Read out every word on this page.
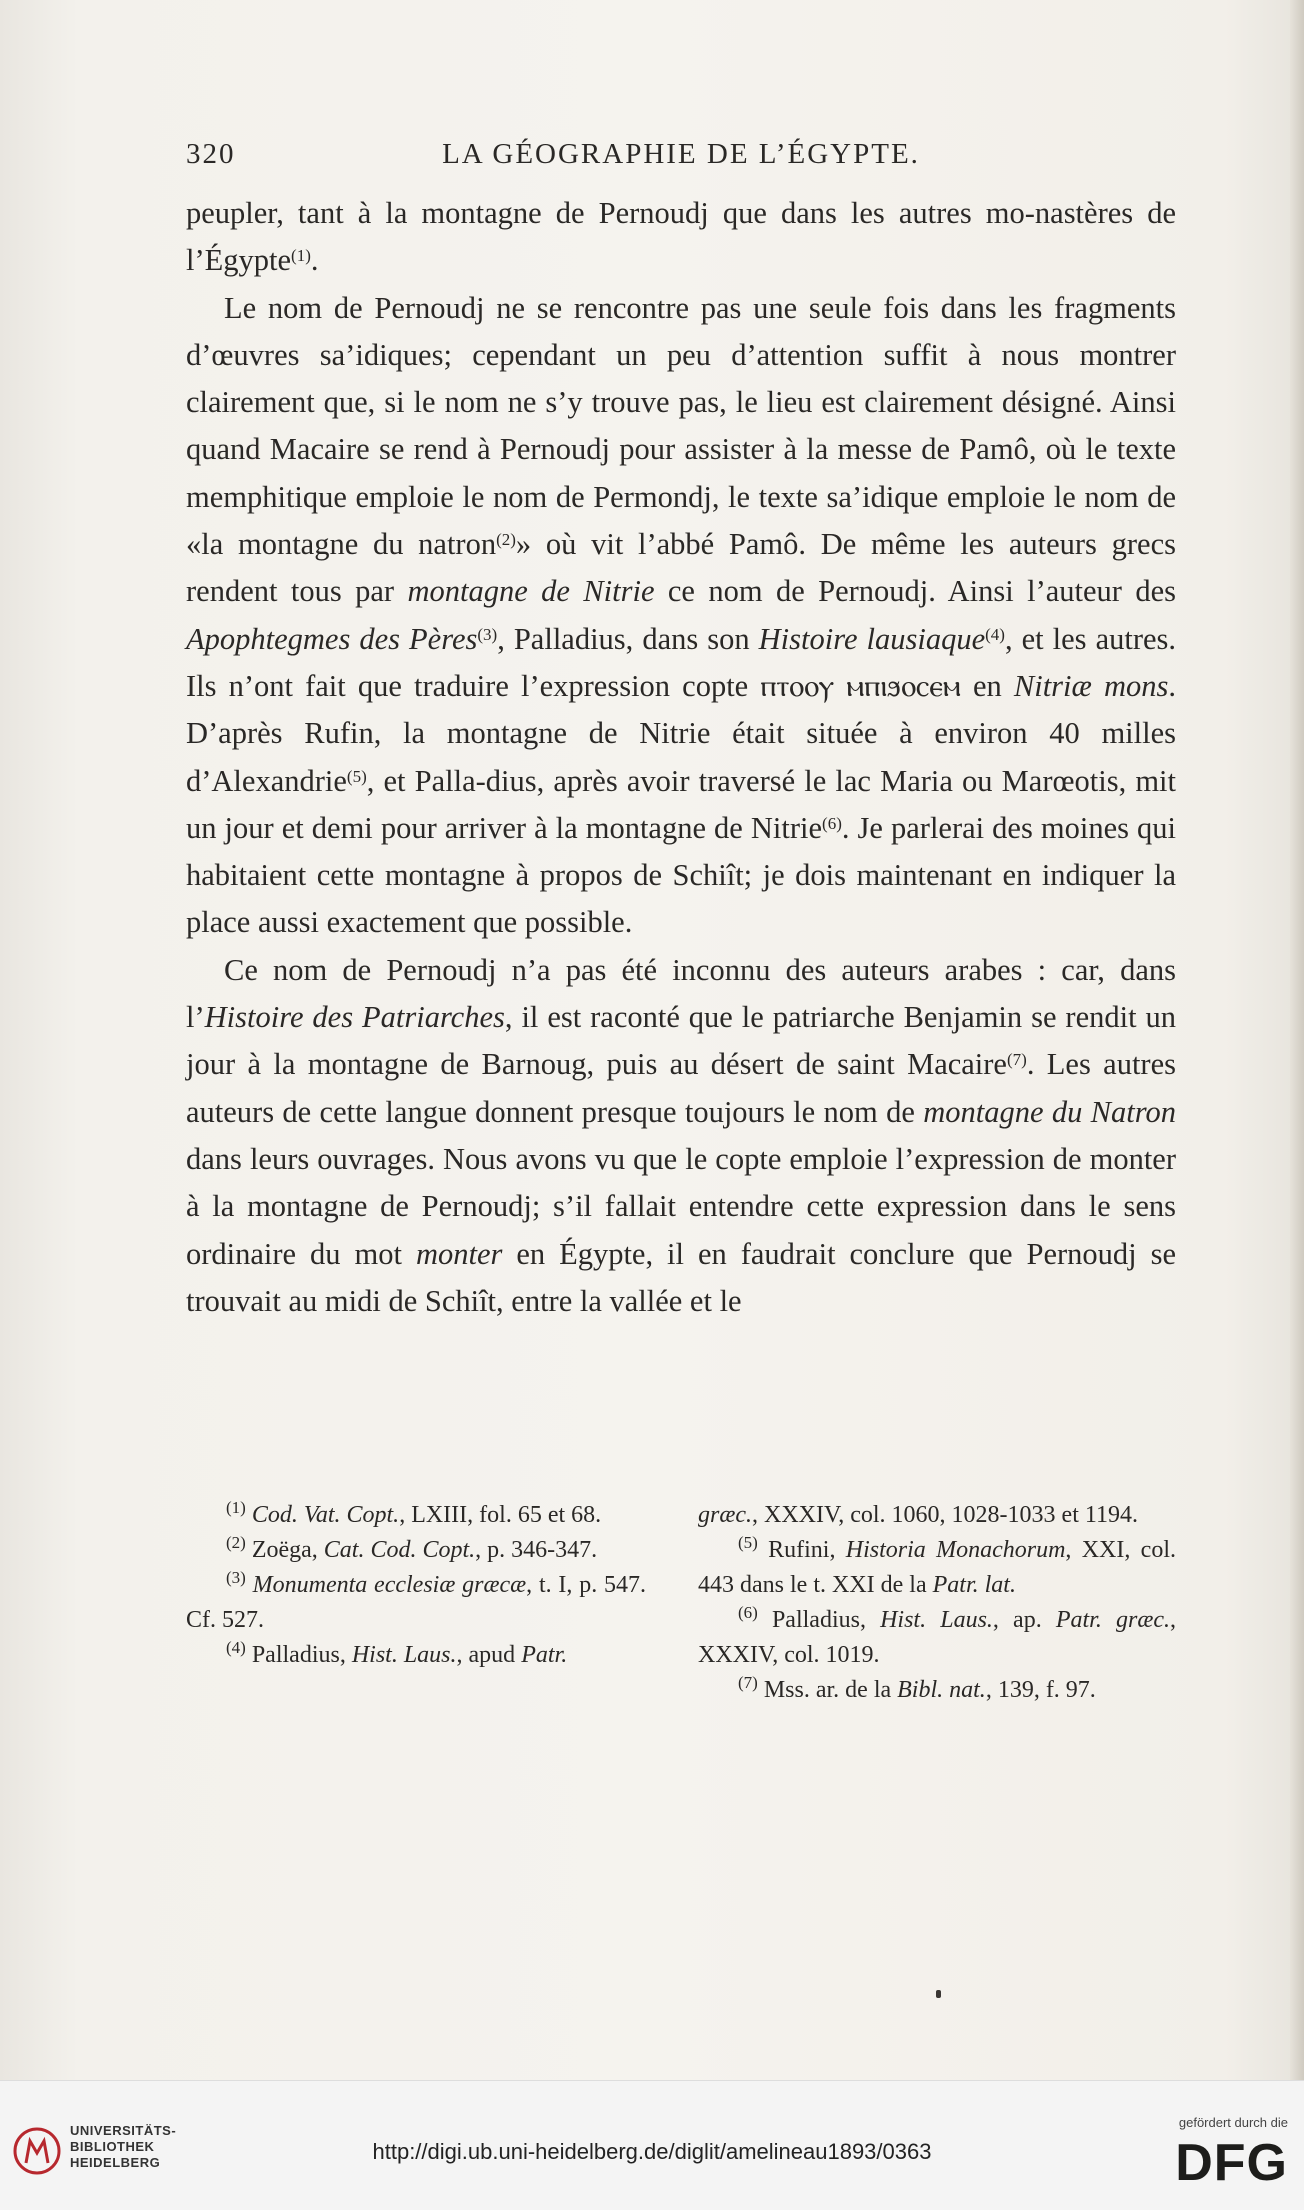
320	LA GÉOGRAPHIE DE L’ÉGYPTE.

peupler, tant à la montagne de Pernoudj que dans les autres mo-nastères de l’Égypte$^{(1)}$.

Le nom de Pernoudj ne se rencontre pas une seule fois dans les fragments d’œuvres sa’idiques; cependant un peu d’attention suffit à nous montrer clairement que, si le nom ne s’y trouve pas, le lieu est clairement désigné. Ainsi quand Macaire se rend à Pernoudj pour assister à la messe de Pamô, où le texte memphitique emploie le nom de Permondj, le texte sa’idique emploie le nom de «la montagne du natron$^{(2)}$» où vit l’abbé Pamô. De même les auteurs grecs rendent tous par montagne de Nitrie ce nom de Pernoudj. Ainsi l’auteur des Apophtegmes des Pères$^{(3)}$, Palladius, dans son Histoire lausiaque$^{(4)}$, et les autres. Ils n’ont fait que traduire l’expression copte ⲡⲧⲟⲟⲩ ⲙⲡⲓϧⲟⲥⲉⲙ en Nitriæ mons. D’après Rufin, la montagne de Nitrie était située à environ 40 milles d’Alexandrie$^{(5)}$, et Palla-dius, après avoir traversé le lac Maria ou Marœotis, mit un jour et demi pour arriver à la montagne de Nitrie$^{(6)}$. Je parlerai des moines qui habitaient cette montagne à propos de Schiît; je dois maintenant en indiquer la place aussi exactement que possible.

Ce nom de Pernoudj n’a pas été inconnu des auteurs arabes : car, dans l’Histoire des Patriarches, il est raconté que le patriarche Benjamin se rendit un jour à la montagne de Barnoug, puis au désert de saint Macaire$^{(7)}$. Les autres auteurs de cette langue donnent presque toujours le nom de montagne du Natron dans leurs ouvrages. Nous avons vu que le copte emploie l’expression de monter à la montagne de Pernoudj; s’il fallait entendre cette expression dans le sens ordinaire du mot monter en Égypte, il en faudrait conclure que Pernoudj se trouvait au midi de Schiît, entre la vallée et le

$^{(1)}$ Cod. Vat. Copt., LXIII, fol. 65 et 68.

$^{(2)}$ Zoëga, Cat. Cod. Copt., p. 346-347.

$^{(3)}$ Monumenta ecclesiæ græcæ, t. I, p. 547. Cf. 527.

$^{(4)}$ Palladius, Hist. Laus., apud Patr.

græc., XXXIV, col. 1060, 1028-1033 et 1194.

$^{(5)}$ Rufini, Historia Monachorum, XXI, col. 443 dans le t. XXI de la Patr. lat.

$^{(6)}$ Palladius, Hist. Laus., ap. Patr. græc., XXXIV, col. 1019.

$^{(7)}$ Mss. ar. de la Bibl. nat., 139, f. 97.

UNIVERSITÄTS-
BIBLIOTHEK
HEIDELBERG	http://digi.ub.uni-heidelberg.de/diglit/amelineau1893/0363
gefördert durch die
DFG
